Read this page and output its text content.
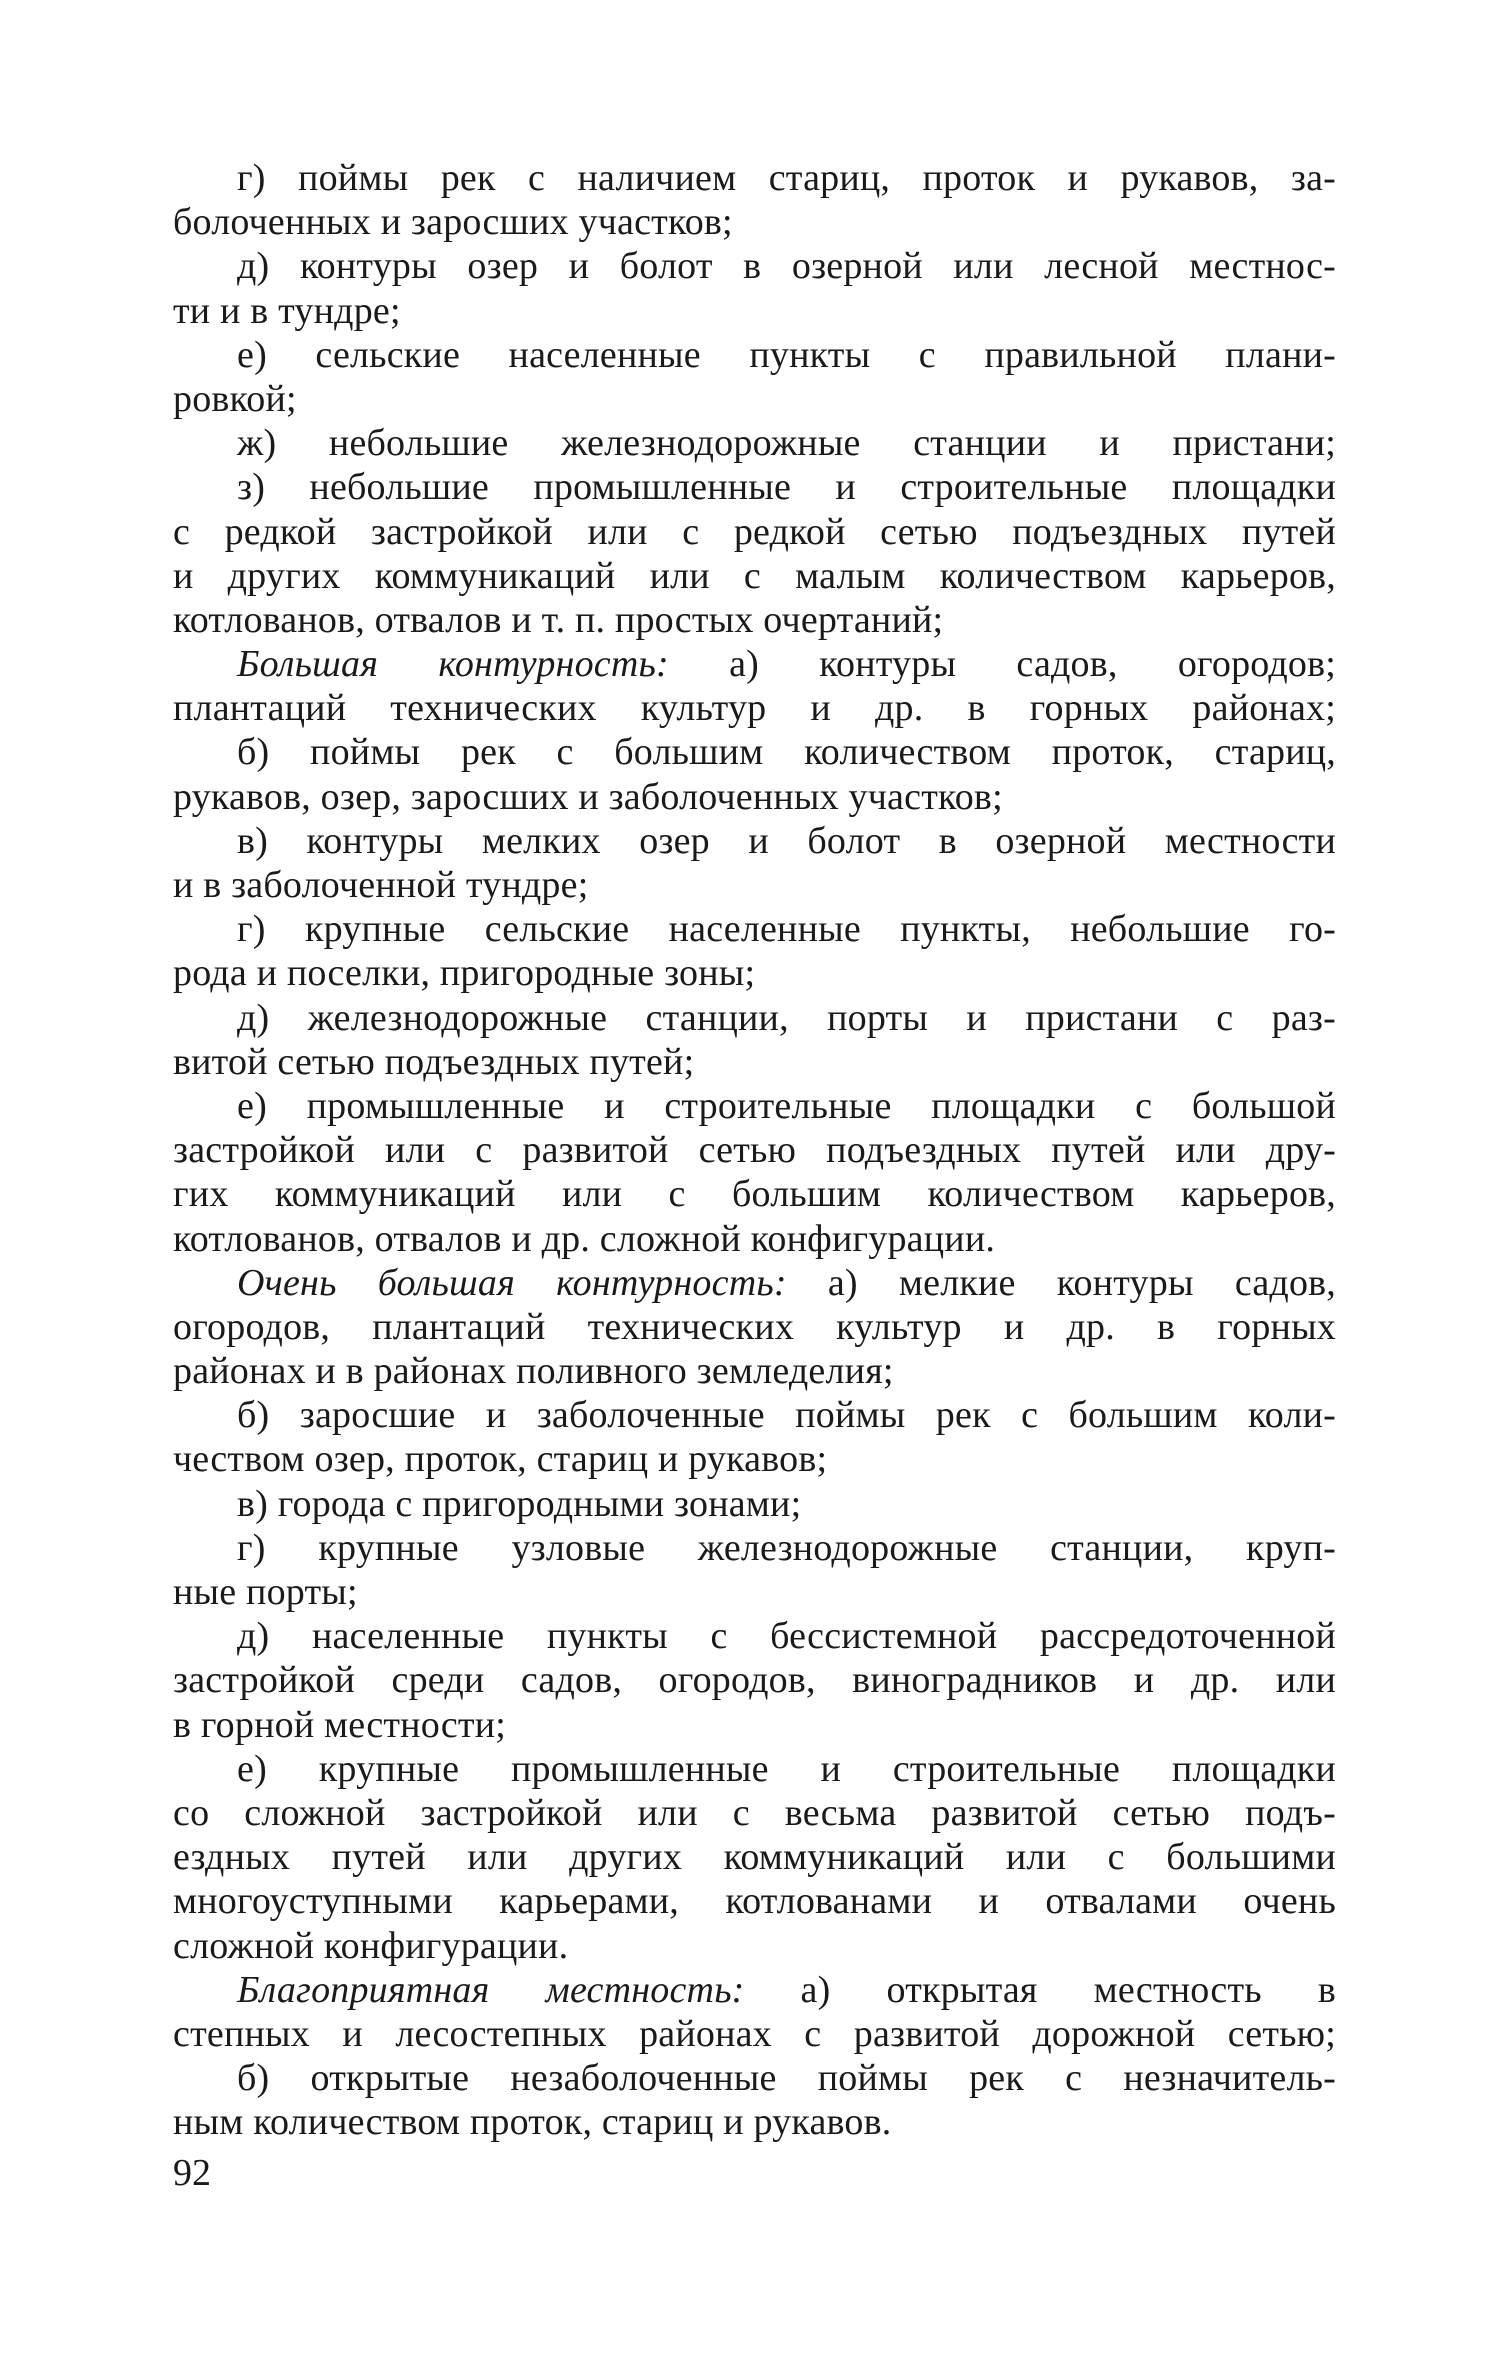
г) поймы рек с наличием стариц, проток и рукавов, за-
болоченных и заросших участков;
д) контуры озер и болот в озерной или лесной местнос-
ти и в тундре;
е) сельские населенные пункты с правильной плани-
ровкой;
ж) небольшие железнодорожные станции и пристани;
з) небольшие промышленные и строительные площадки
с редкой застройкой или с редкой сетью подъездных путей
и других коммуникаций или с малым количеством карьеров,
котлованов, отвалов и т. п. простых очертаний;
Большая контурность: а) контуры садов, огородов;
плантаций технических культур и др. в горных районах;
б) поймы рек с большим количеством проток, стариц,
рукавов, озер, заросших и заболоченных участков;
в) контуры мелких озер и болот в озерной местности
и в заболоченной тундре;
г) крупные сельские населенные пункты, небольшие го-
рода и поселки, пригородные зоны;
д) железнодорожные станции, порты и пристани с раз-
витой сетью подъездных путей;
е) промышленные и строительные площадки с большой
застройкой или с развитой сетью подъездных путей или дру-
гих коммуникаций или с большим количеством карьеров,
котлованов, отвалов и др. сложной конфигурации.
Очень большая контурность: а) мелкие контуры садов,
огородов, плантаций технических культур и др. в горных
районах и в районах поливного земледелия;
б) заросшие и заболоченные поймы рек с большим коли-
чеством озер, проток, стариц и рукавов;
в) города с пригородными зонами;
г) крупные узловые железнодорожные станции, круп-
ные порты;
д) населенные пункты с бессистемной рассредоточенной
застройкой среди садов, огородов, виноградников и др. или
в горной местности;
е) крупные промышленные и строительные площадки
со сложной застройкой или с весьма развитой сетью подъ-
ездных путей или других коммуникаций или с большими
многоуступными карьерами, котлованами и отвалами очень
сложной конфигурации.
Благоприятная местность: а) открытая местность в
степных и лесостепных районах с развитой дорожной сетью;
б) открытые незаболоченные поймы рек с незначитель-
ным количеством проток, стариц и рукавов.
92
